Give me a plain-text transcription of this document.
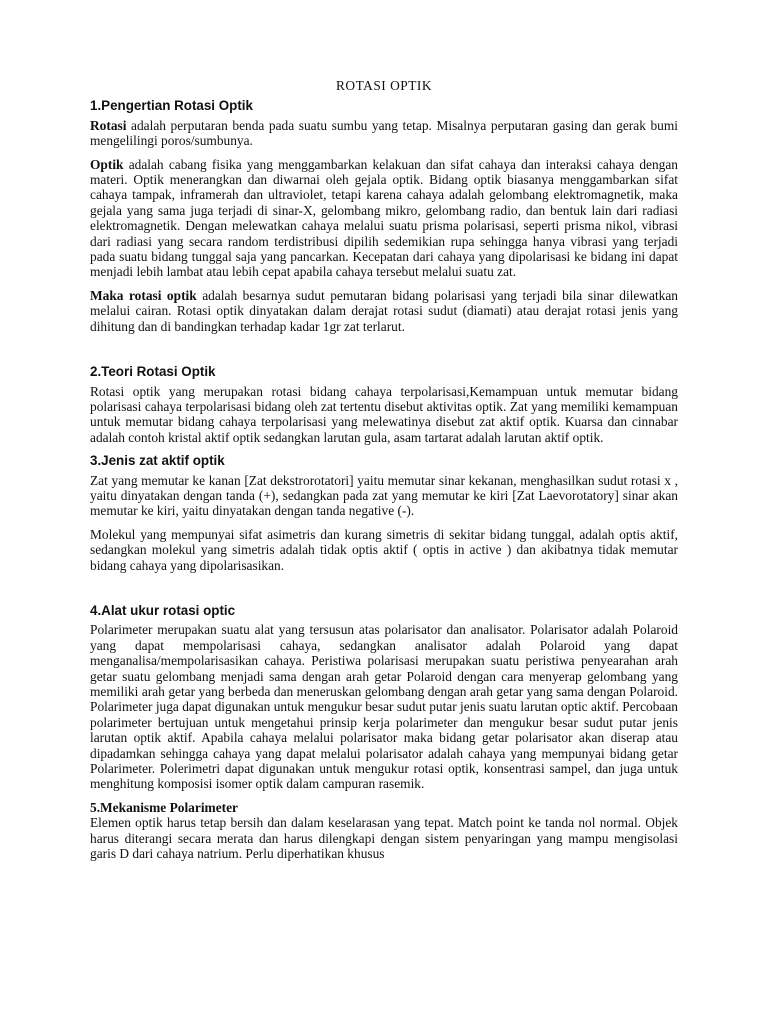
ROTASI OPTIK
1.Pengertian Rotasi Optik

Rotasi adalah perputaran benda pada suatu sumbu yang tetap. Misalnya perputaran gasing dan gerak bumi mengelilingi poros/sumbunya.

Optik adalah cabang fisika yang menggambarkan kelakuan dan sifat cahaya dan interaksi cahaya dengan materi. Optik menerangkan dan diwarnai oleh gejala optik. Bidang optik biasanya menggambarkan sifat cahaya tampak, inframerah dan ultraviolet, tetapi karena cahaya adalah gelombang elektromagnetik, maka gejala yang sama juga terjadi di sinar-X, gelombang mikro, gelombang radio, dan bentuk lain dari radiasi elektromagnetik. Dengan melewatkan cahaya melalui suatu prisma polarisasi, seperti prisma nikol, vibrasi dari radiasi yang secara random terdistribusi dipilih sedemikian rupa sehingga hanya vibrasi yang terjadi pada suatu bidang tunggal saja yang pancarkan. Kecepatan dari cahaya yang dipolarisasi ke bidang ini dapat menjadi lebih lambat atau lebih cepat apabila cahaya tersebut melalui suatu zat.

Maka rotasi optik adalah besarnya sudut pemutaran bidang polarisasi yang terjadi bila sinar dilewatkan melalui cairan. Rotasi optik dinyatakan dalam derajat rotasi sudut (diamati) atau derajat rotasi jenis yang dihitung dan di bandingkan terhadap kadar 1gr zat terlarut.

2.Teori Rotasi Optik

Rotasi optik yang merupakan rotasi bidang cahaya terpolarisasi,Kemampuan untuk memutar bidang polarisasi cahaya terpolarisasi bidang oleh zat tertentu disebut aktivitas optik. Zat yang memiliki kemampuan untuk memutar bidang cahaya terpolarisasi yang melewatinya disebut zat aktif optik. Kuarsa dan cinnabar adalah contoh kristal aktif optik sedangkan larutan gula, asam tartarat adalah larutan aktif optik.

3.Jenis zat aktif optik

Zat yang memutar ke kanan [Zat dekstrorotatori] yaitu memutar sinar kekanan, menghasilkan sudut rotasi x , yaitu dinyatakan dengan tanda (+), sedangkan pada zat yang memutar ke kiri [Zat Laevorotatory] sinar akan memutar ke kiri, yaitu dinyatakan dengan tanda negative (-).

Molekul yang mempunyai sifat asimetris dan kurang simetris di sekitar bidang tunggal, adalah optis aktif, sedangkan molekul yang simetris adalah tidak optis aktif ( optis in active ) dan akibatnya tidak memutar bidang cahaya yang dipolarisasikan.

4.Alat ukur rotasi optic

Polarimeter merupakan suatu alat yang tersusun atas polarisator dan analisator. Polarisator adalah Polaroid yang dapat mempolarisasi cahaya, sedangkan analisator adalah Polaroid yang dapat menganalisa/mempolarisasikan cahaya. Peristiwa polarisasi merupakan suatu peristiwa penyearahan arah getar suatu gelombang menjadi sama dengan arah getar Polaroid dengan cara menyerap gelombang yang memiliki arah getar yang berbeda dan meneruskan gelombang dengan arah getar yang sama dengan Polaroid. Polarimeter juga dapat digunakan untuk mengukur besar sudut putar jenis suatu larutan optic aktif. Percobaan polarimeter bertujuan untuk mengetahui prinsip kerja polarimeter dan mengukur besar sudut putar jenis larutan optik aktif. Apabila cahaya melalui polarisator maka bidang getar polarisator akan diserap atau dipadamkan sehingga cahaya yang dapat melalui polarisator adalah cahaya yang mempunyai bidang getar Polarimeter. Polerimetri dapat digunakan untuk mengukur rotasi optik, konsentrasi sampel, dan juga untuk menghitung komposisi isomer optik dalam campuran rasemik.

5.Mekanisme Polarimeter

Elemen optik harus tetap bersih dan dalam keselarasan yang tepat. Match point ke tanda nol normal. Objek harus diterangi secara merata dan harus dilengkapi dengan sistem penyaringan yang mampu mengisolasi garis D dari cahaya natrium. Perlu diperhatikan khusus
